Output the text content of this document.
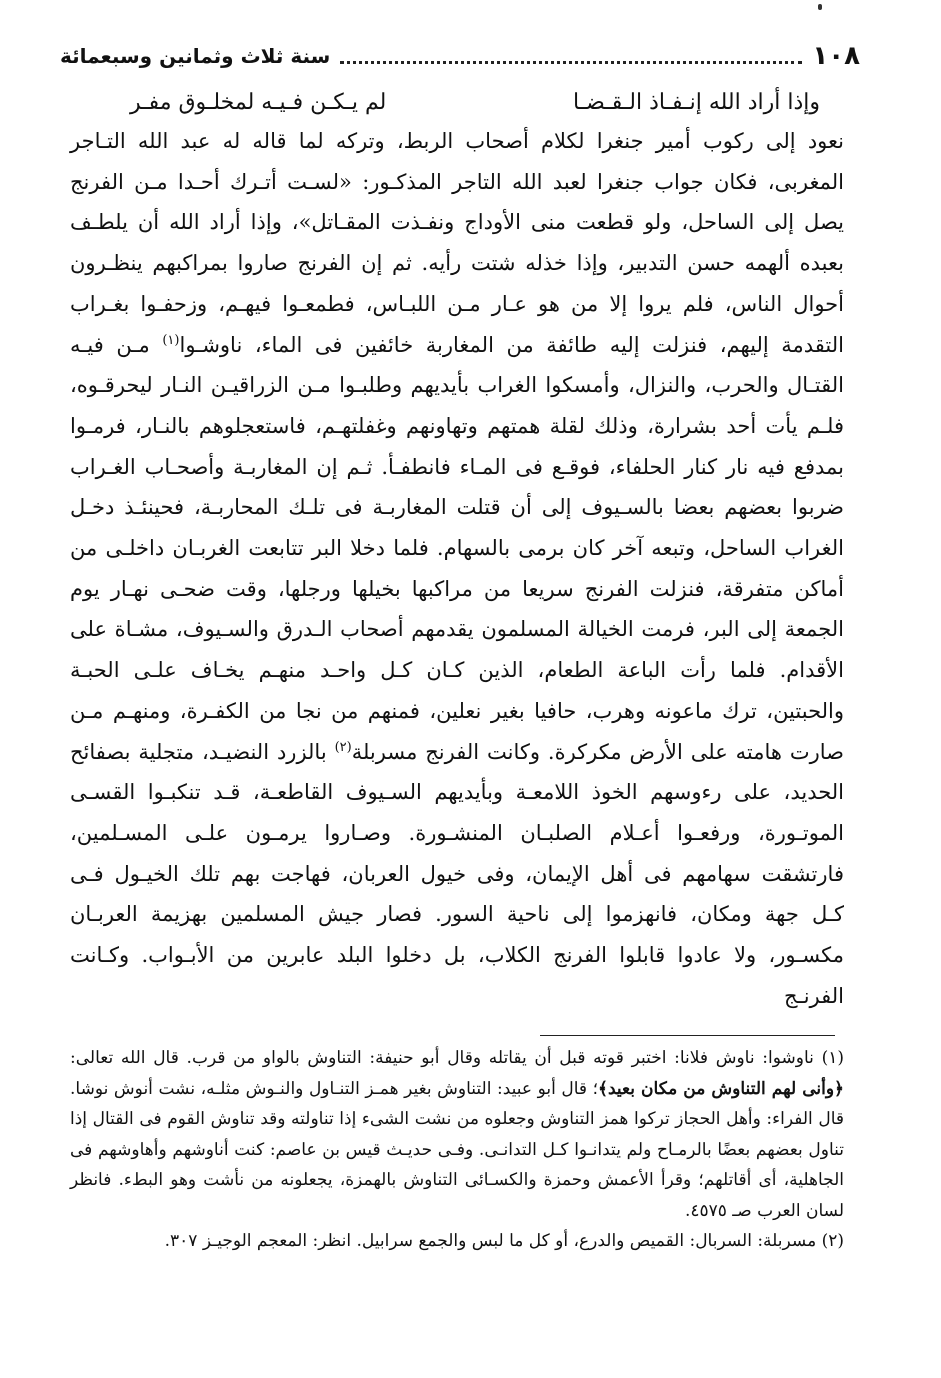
١٠٨
سنة ثلاث وثمانين وسبعمائة
وإذا أراد الله إنـفـاذ الـقـضـا
لم يـكـن فـيـه لمخلـوق مفـر

نعود إلى ركوب أمير جنغرا لكلام أصحاب الربط، وتركه لما قاله له عبد الله التـاجر المغربى، فكان جواب جنغرا لعبد الله التاجر المذكـور: «لسـت أتـرك أحـدا مـن الفرنج يصل إلى الساحل، ولو قطعت منى الأوداج ونفـذت المقـاتل»، وإذا أراد الله أن يلطـف بعبده ألهمه حسن التدبير، وإذا خذله شتت رأيه. ثم إن الفرنج صاروا بمراكبهم ينظـرون أحوال الناس، فلم يروا إلا من هو عـار مـن اللبـاس، فطمعـوا فيهـم، وزحفـوا بغـراب التقدمة إليهم، فنزلت إليه طائفة من المغاربة خائفين فى الماء، ناوشـوا$^{(١)}$ مـن فيـه القتـال والحرب، والنزال، وأمسكوا الغراب بأيديهم وطلبـوا مـن الزراقيـن النـار ليحرقـوه، فلـم يأت أحد بشرارة، وذلك لقلة همتهم وتهاونهم وغفلتهـم، فاستعجلوهم بالنـار، فرمـوا بمدفع فيه نار كنار الحلفاء، فوقـع فى المـاء فانطفـأ. ثـم إن المغاربـة وأصحـاب الغـراب ضربوا بعضهم بعضا بالسـيوف إلى أن قتلت المغاربـة فى تلـك المحاربـة، فحينئـذ دخـل الغراب الساحل، وتبعه آخر كان برمى بالسهام. فلما دخلا البر تتابعت الغربـان داخلـى من أماكن متفرقة، فنزلت الفرنج سريعا من مراكبها بخيلها ورجلها، وقت ضحـى نهـار يوم الجمعة إلى البر، فرمت الخيالة المسلمون يقدمهم أصحاب الـدرق والسـيوف، مشـاة على الأقدام. فلما رأت الباعة الطعام، الذين كـان كـل واحـد منهـم يخـاف علـى الحبـة والحبتين، ترك ماعونه وهرب، حافيا بغير نعلين، فمنهم من نجا من الكفـرة، ومنهـم مـن صارت هامته على الأرض مكركرة. وكانت الفرنج مسربلة$^{(٢)}$ بالزرد النضيـد، متجلية بصفائح الحديد، على رءوسهم الخوذ اللامعـة وبأيديهم السـيوف القاطعـة، قـد تنكبـوا القسـى الموتـورة، ورفعـوا أعـلام الصلبـان المنشـورة. وصـاروا يرمـون علـى المسـلمين، فارتشقت سهامهم فى أهل الإيمان، وفى خيول العربان، فهاجت بهم تلك الخيـول فـى كـل جهة ومكان، فانهزموا إلى ناحية السور. فصار جيش المسلمين بهزيمة العربـان مكسـور، ولا عادوا قابلوا الفرنج الكلاب، بل دخلوا البلد عابرين من الأبـواب. وكـانت الفرنـج

(١) ناوشوا: ناوش فلانا: اختبر قوته قبل أن يقاتله وقال أبو حنيفة: التناوش بالواو من قرب. قال الله تعالى: ﴿وأنى لهم التناوش من مكان بعيد﴾؛ قال أبو عبيد: التناوش بغير همـز التنـاول والنـوش مثلـه، نشت أنوش نوشا. قال الفراء: وأهل الحجاز تركوا همز التناوش وجعلوه من نشت الشىء إذا تناولته وقد تناوش القوم فى القتال إذا تناول بعضهم بعضًا بالرمـاح ولم يتدانـوا كـل التدانـى. وفـى حديـث قيس بن عاصم: كنت أناوشهم وأهاوشهم فى الجاهلية، أى أقاتلهم؛ وقرأ الأعمش وحمزة والكسـائى التناوش بالهمزة، يجعلونه من نأشت وهو البطء. فانظر لسان العرب صـ ٤٥٧٥.

(٢) مسربلة: السربال: القميص والدرع، أو كل ما لبس والجمع سرابيل. انظر: المعجم الوجيـز ٣٠٧.
